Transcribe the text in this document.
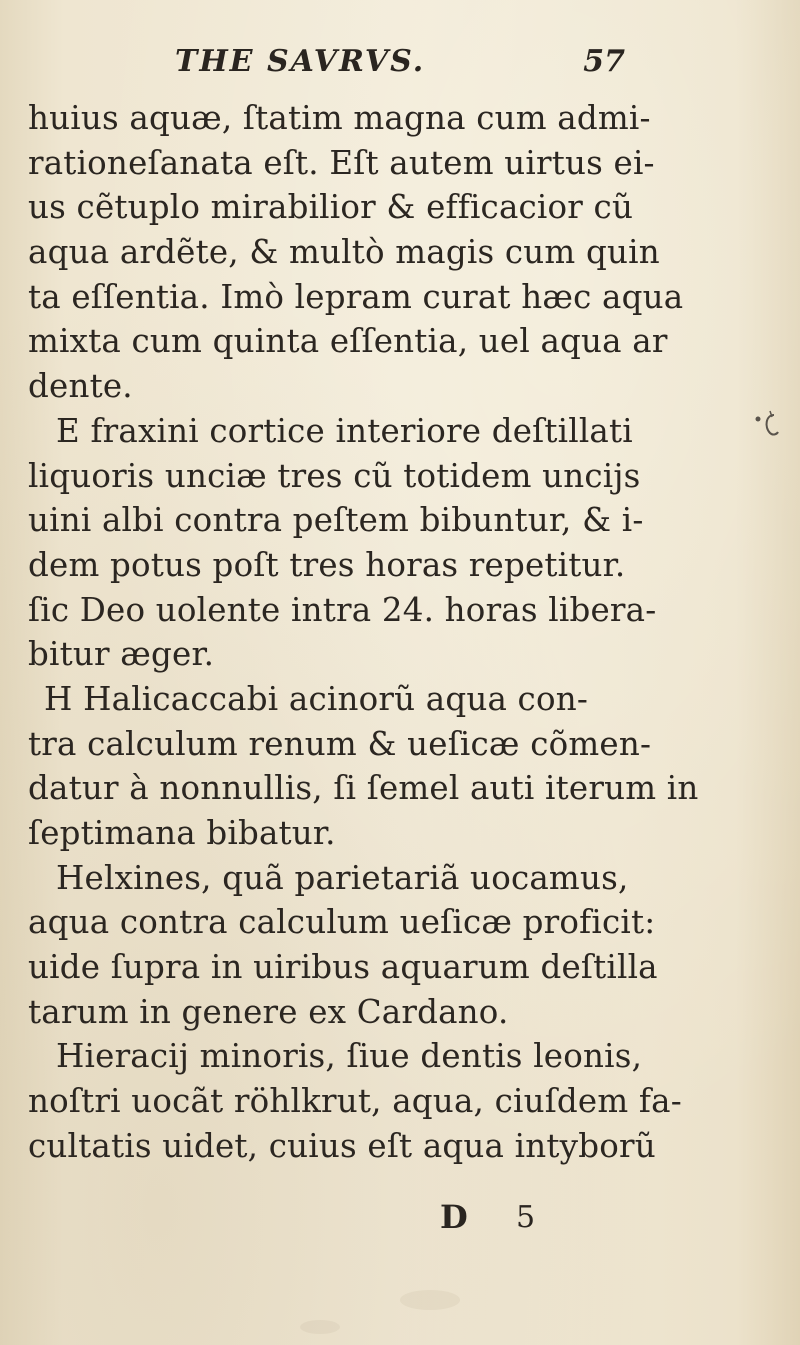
THE SAVRVS.	57
huius aquæ, ſtatim magna cum admi-
rationeſanata eſt. Eſt autem uirtus ei-
us cẽtuplo mirabilior & efficacior cũ
aqua ardẽte, & multò magis cum quin
ta eſſentia. Imò lepram curat hæc aqua
mixta cum quinta eſſentia, uel aqua ar
dente.
E fraxini cortice interiore deſtillati
liquoris unciæ tres cũ totidem uncijs
uini albi contra peſtem bibuntur, & i-
dem potus poſt tres horas repetitur.
ſic Deo uolente intra 24. horas libera-
bitur æger.
H Halicaccabi acinorũ aqua con-
tra calculum renum & ueſicæ cõmen-
datur à nonnullis, ſi ſemel auti iterum in
ſeptimana bibatur.
Helxines, quã parietariã uocamus,
aqua contra calculum ueſicæ proficit:
uide ſupra in uiribus aquarum deſtilla
tarum in genere ex Cardano.
Hieracij minoris, ſiue dentis leonis,
noſtri uocãt röhlkrut, aqua, ciuſdem fa-
cultatis uidet, cuius eſt aqua intyborũ
D 5
